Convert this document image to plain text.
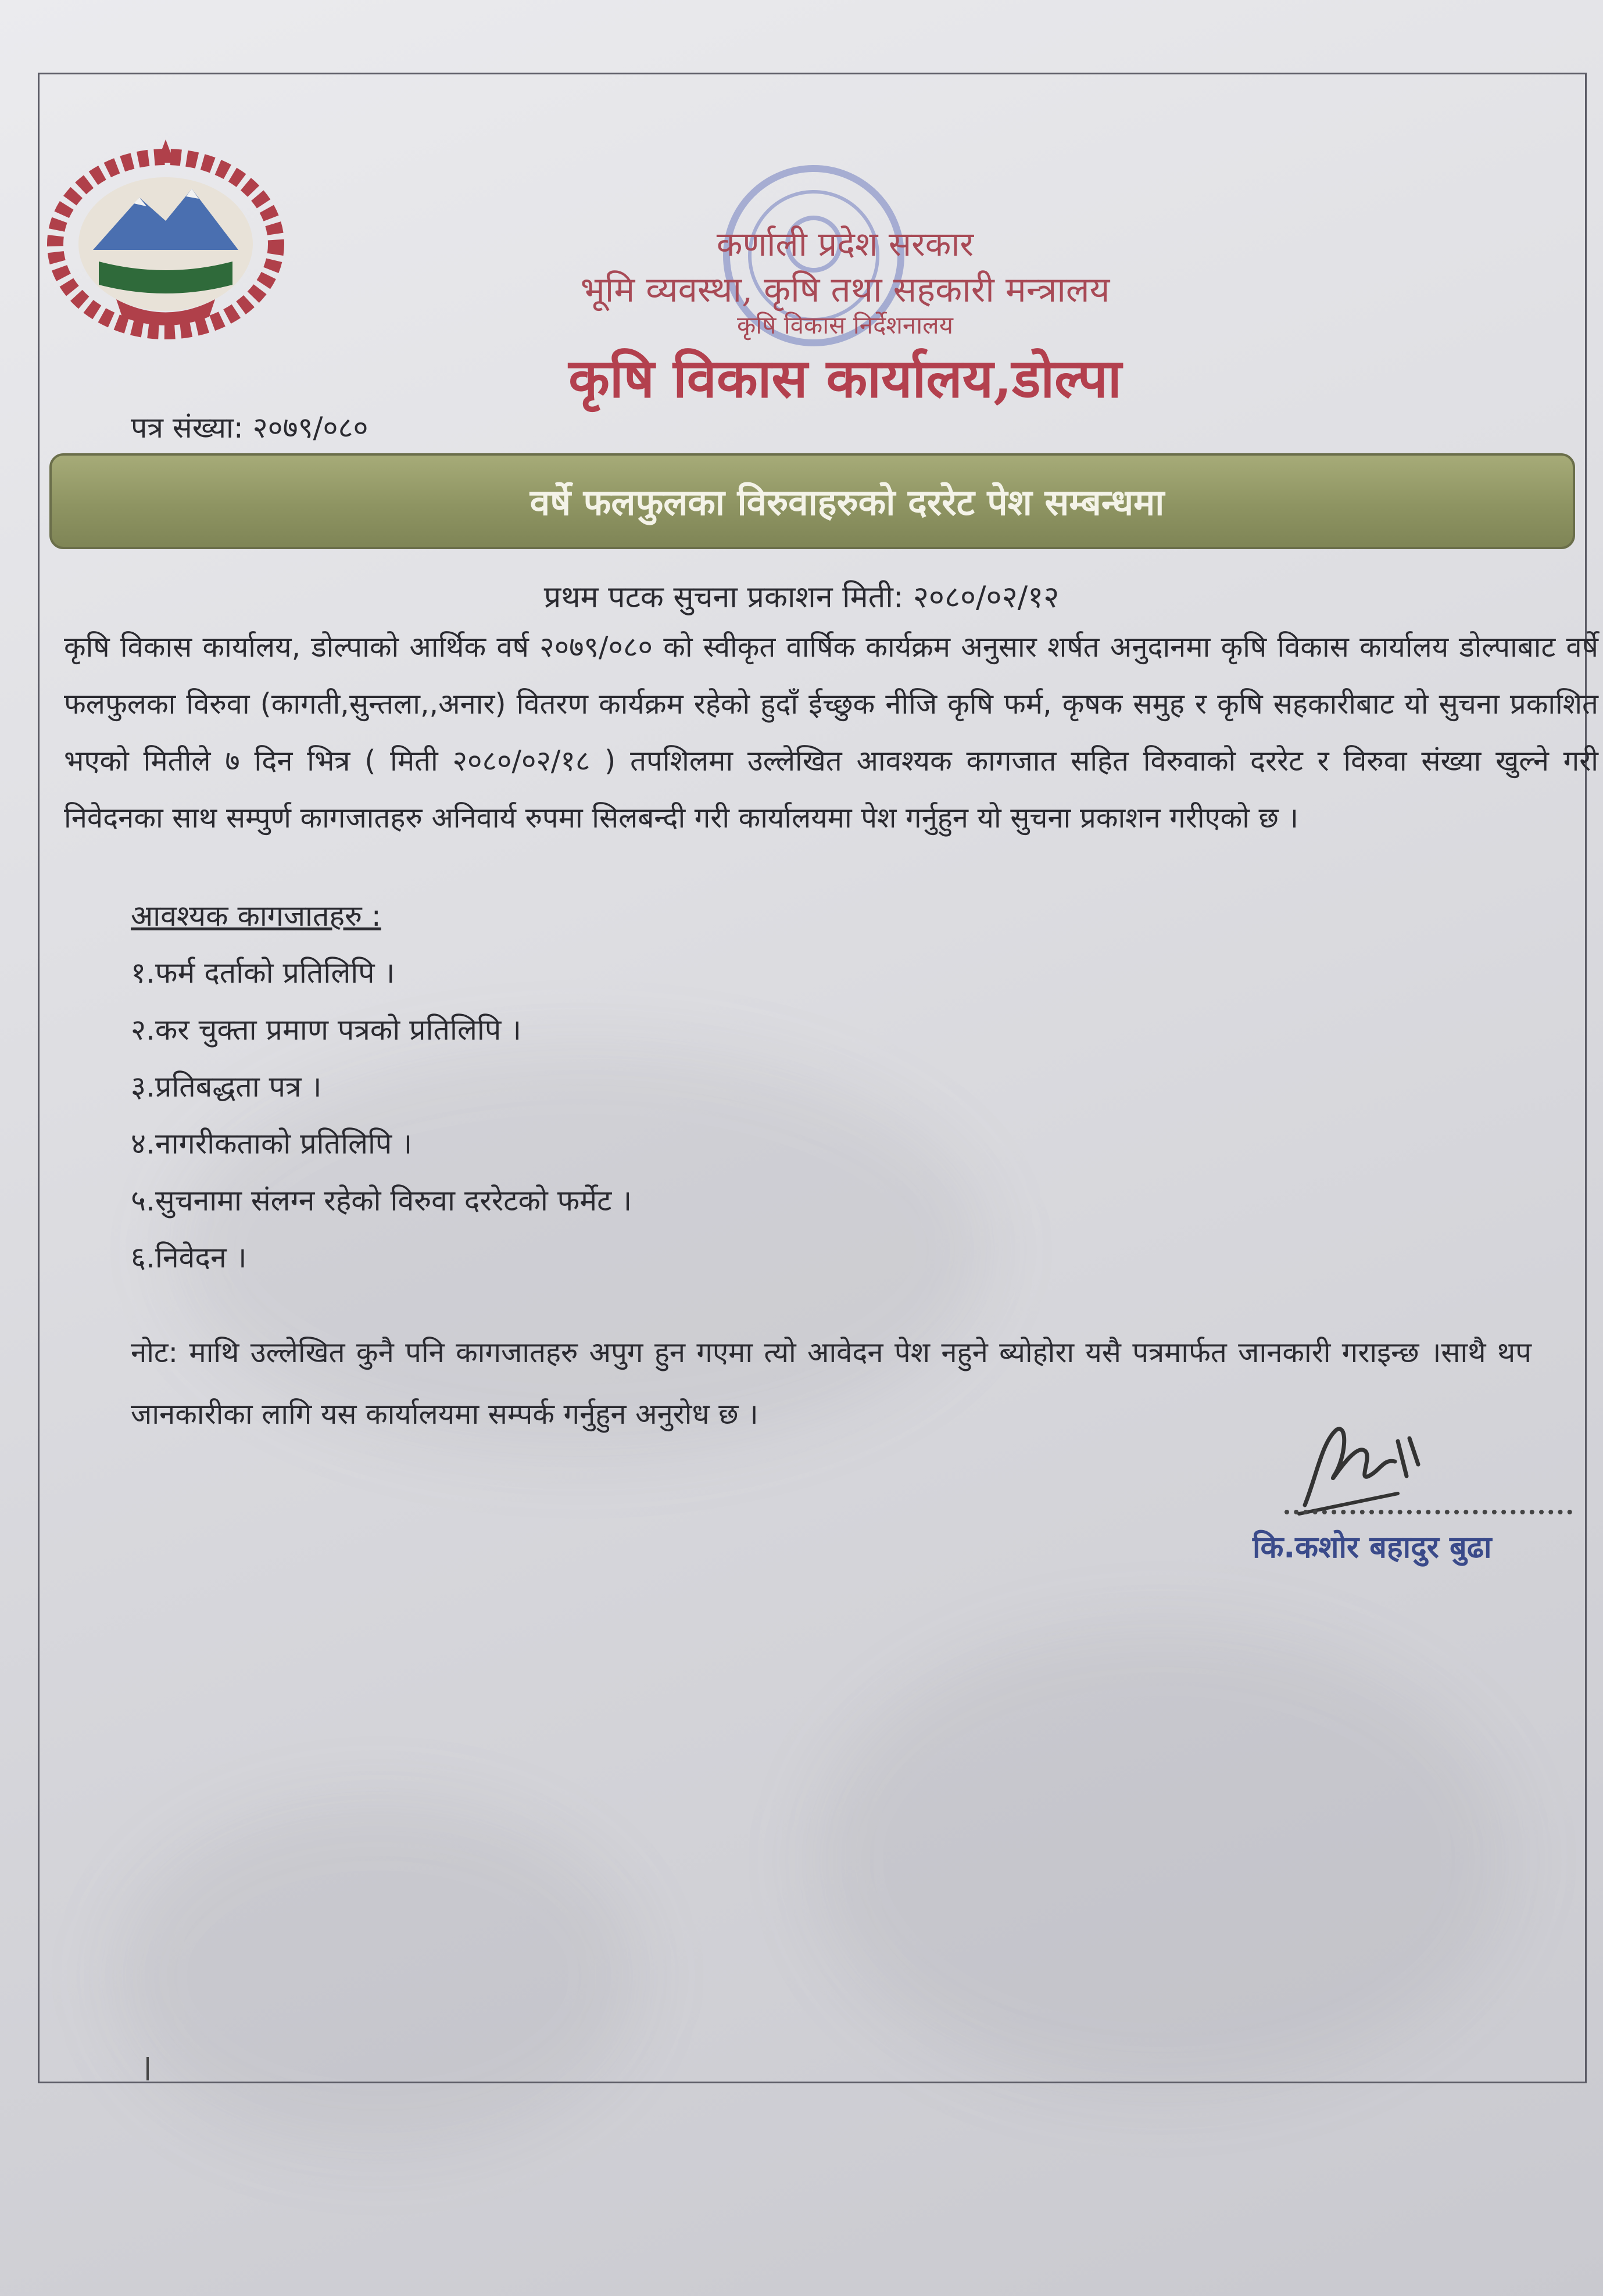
कर्णाली प्रदेश सरकार
भूमि व्यवस्था, कृषि तथा सहकारी मन्त्रालय
कृषि विकास निर्देशनालय
कृषि विकास कार्यालय,डोल्पा
पत्र संख्या: २०७९/०८०
वर्षे फलफुलका विरुवाहरुको दररेट पेश सम्बन्धमा
प्रथम पटक सुचना प्रकाशन मिती: २०८०/०२/१२

कृषि विकास कार्यालय, डोल्पाको आर्थिक वर्ष २०७९/०८० को स्वीकृत वार्षिक कार्यक्रम अनुसार शर्षत अनुदानमा कृषि विकास कार्यालय डोल्पाबाट वर्षे फलफुलका विरुवा (कागती,सुन्तला,,अनार) वितरण कार्यक्रम रहेको हुदाँ ईच्छुक नीजि कृषि फर्म, कृषक समुह र कृषि सहकारीबाट यो सुचना प्रकाशित भएको मितीले ७ दिन भित्र ( मिती २०८०/०२/१८ ) तपशिलमा उल्लेखित आवश्यक कागजात सहित विरुवाको दररेट र विरुवा संख्या खुल्ने गरी निवेदनका साथ सम्पुर्ण कागजातहरु अनिवार्य रुपमा सिलबन्दी गरी कार्यालयमा पेश गर्नुहुन यो सुचना प्रकाशन गरीएको छ ।

आवश्यक कागजातहरु :
१.फर्म दर्ताको प्रतिलिपि ।
२.कर चुक्ता प्रमाण पत्रको प्रतिलिपि ।
३.प्रतिबद्धता पत्र ।
४.नागरीकताको प्रतिलिपि ।
५.सुचनामा संलग्न रहेको विरुवा दररेटको फर्मेट ।
६.निवेदन ।

नोट: माथि उल्लेखित कुनै पनि कागजातहरु अपुग हुन गएमा त्यो आवेदन पेश नहुने ब्योहोरा यसै पत्रमार्फत जानकारी गराइन्छ ।साथै थप जानकारीका लागि यस कार्यालयमा सम्पर्क गर्नुहुन अनुरोध छ ।

कि.कशोर बहादुर बुढा
